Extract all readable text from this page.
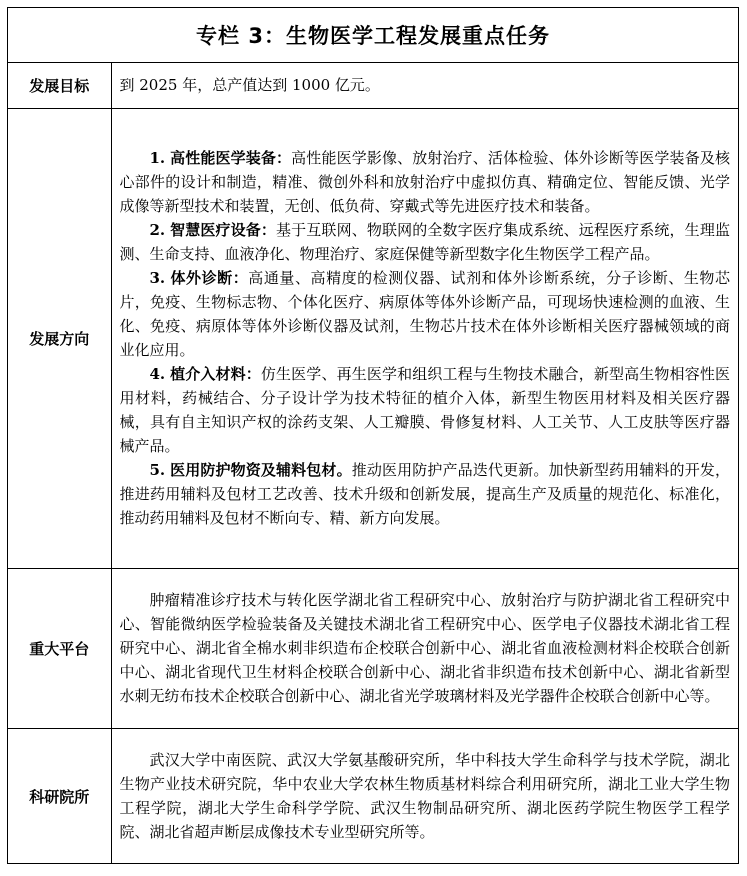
专栏 3：生物医学工程发展重点任务
发展目标	到 2025 年，总产值达到 1000 亿元。
发展方向	1. 高性能医学装备：高性能医学影像、放射治疗、活体检验、体外诊断等医学装备及核心部件的设计和制造，精准、微创外科和放射治疗中虚拟仿真、精确定位、智能反馈、光学成像等新型技术和装置，无创、低负荷、穿戴式等先进医疗技术和装备。

2. 智慧医疗设备：基于互联网、物联网的全数字医疗集成系统、远程医疗系统，生理监测、生命支持、血液净化、物理治疗、家庭保健等新型数字化生物医学工程产品。

3. 体外诊断：高通量、高精度的检测仪器、试剂和体外诊断系统，分子诊断、生物芯片，免疫、生物标志物、个体化医疗、病原体等体外诊断产品，可现场快速检测的血液、生化、免疫、病原体等体外诊断仪器及试剂，生物芯片技术在体外诊断相关医疗器械领域的商业化应用。

4. 植介入材料：仿生医学、再生医学和组织工程与生物技术融合，新型高生物相容性医用材料，药械结合、分子设计学为技术特征的植介入体，新型生物医用材料及相关医疗器械，具有自主知识产权的涂药支架、人工瓣膜、骨修复材料、人工关节、人工皮肤等医疗器械产品。

5. 医用防护物资及辅料包材。推动医用防护产品迭代更新。加快新型药用辅料的开发，推进药用辅料及包材工艺改善、技术升级和创新发展，提高生产及质量的规范化、标准化，推动药用辅料及包材不断向专、精、新方向发展。

重大平台	肿瘤精准诊疗技术与转化医学湖北省工程研究中心、放射治疗与防护湖北省工程研究中心、智能微纳医学检验装备及关键技术湖北省工程研究中心、医学电子仪器技术湖北省工程研究中心、湖北省全棉水刺非织造布企校联合创新中心、湖北省血液检测材料企校联合创新中心、湖北省现代卫生材料企校联合创新中心、湖北省非织造布技术创新中心、湖北省新型水刺无纺布技术企校联合创新中心、湖北省光学玻璃材料及光学器件企校联合创新中心等。

科研院所	武汉大学中南医院、武汉大学氨基酸研究所，华中科技大学生命科学与技术学院，湖北生物产业技术研究院，华中农业大学农林生物质基材料综合利用研究所，湖北工业大学生物工程学院，湖北大学生命科学学院、武汉生物制品研究所、湖北医药学院生物医学工程学院、湖北省超声断层成像技术专业型研究所等。
